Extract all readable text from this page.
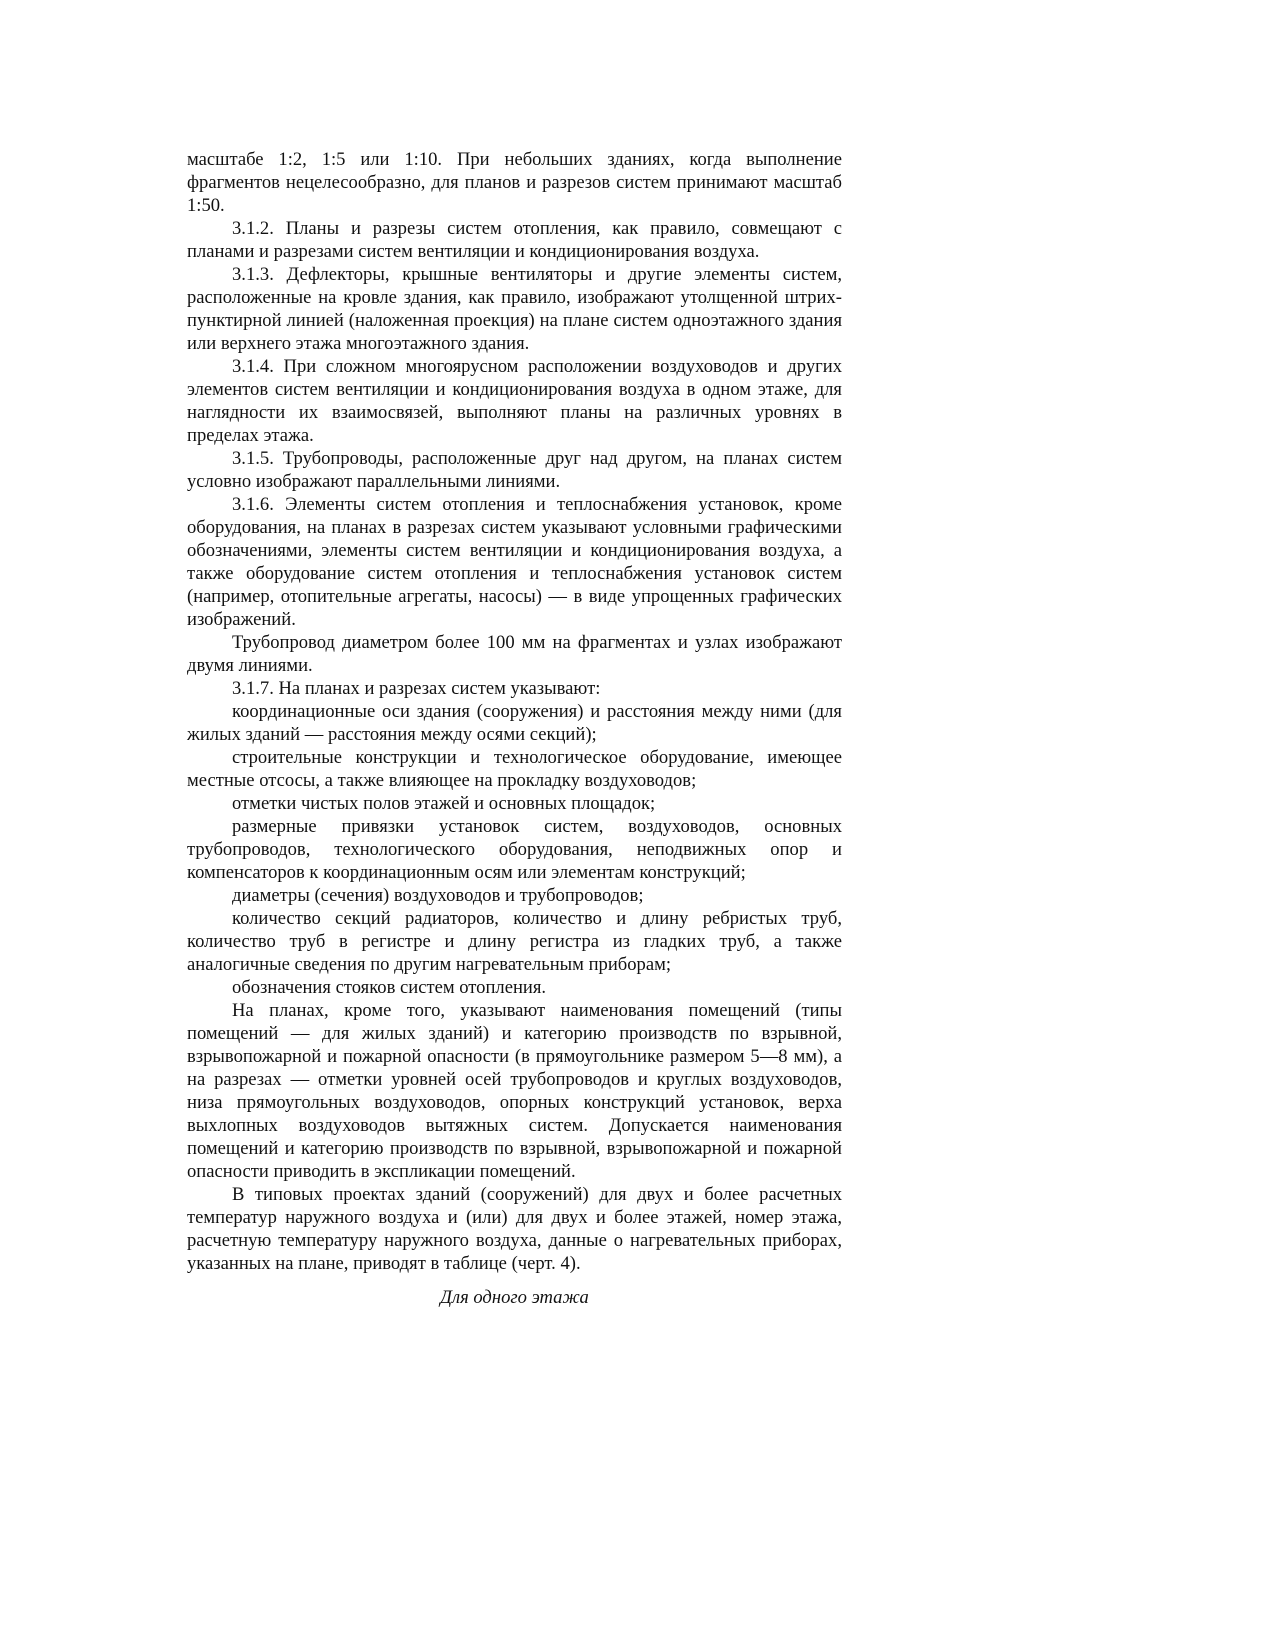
масштабе 1:2, 1:5 или 1:10. При небольших зданиях, когда выполнение фрагментов нецелесообразно, для планов и разрезов систем принимают масштаб 1:50.

3.1.2. Планы и разрезы систем отопления, как правило, совмещают с планами и разрезами систем вентиляции и кондиционирования воздуха.

3.1.3. Дефлекторы, крышные вентиляторы и другие элементы систем, расположенные на кровле здания, как правило, изображают утолщенной штрих-пунктирной линией (наложенная проекция) на плане систем одноэтажного здания или верхнего этажа многоэтажного здания.

3.1.4. При сложном многоярусном расположении воздуховодов и других элементов систем вентиляции и кондиционирования воздуха в одном этаже, для наглядности их взаимосвязей, выполняют планы на различных уровнях в пределах этажа.

3.1.5. Трубопроводы, расположенные друг над другом, на планах систем условно изображают параллельными линиями.

3.1.6. Элементы систем отопления и теплоснабжения установок, кроме оборудования, на планах в разрезах систем указывают условными графическими обозначениями, элементы систем вентиляции и кондиционирования воздуха, а также оборудование систем отопления и теплоснабжения установок систем (например, отопительные агрегаты, насосы) — в виде упрощенных графических изображений.

Трубопровод диаметром более 100 мм на фрагментах и узлах изображают двумя линиями.

3.1.7. На планах и разрезах систем указывают:

координационные оси здания (сооружения) и расстояния между ними (для жилых зданий — расстояния между осями секций);

строительные конструкции и технологическое оборудование, имеющее местные отсосы, а также влияющее на прокладку воздуховодов;

отметки чистых полов этажей и основных площадок;

размерные привязки установок систем, воздуховодов, основных трубопроводов, технологического оборудования, неподвижных опор и компенсаторов к координационным осям или элементам конструкций;

диаметры (сечения) воздуховодов и трубопроводов;

количество секций радиаторов, количество и длину ребристых труб, количество труб в регистре и длину регистра из гладких труб, а также аналогичные сведения по другим нагревательным приборам;

обозначения стояков систем отопления.

На планах, кроме того, указывают наименования помещений (типы помещений — для жилых зданий) и категорию производств по взрывной, взрывопожарной и пожарной опасности (в прямоугольнике размером 5—8 мм), а на разрезах — отметки уровней осей трубопроводов и круглых воздуховодов, низа прямоугольных воздуховодов, опорных конструкций установок, верха выхлопных воздуховодов вытяжных систем. Допускается наименования помещений и категорию производств по взрывной, взрывопожарной и пожарной опасности приводить в экспликации помещений.

В типовых проектах зданий (сооружений) для двух и более расчетных температур наружного воздуха и (или) для двух и более этажей, номер этажа, расчетную температуру наружного воздуха, данные о нагревательных приборах, указанных на плане, приводят в таблице (черт. 4).

Для одного этажа
